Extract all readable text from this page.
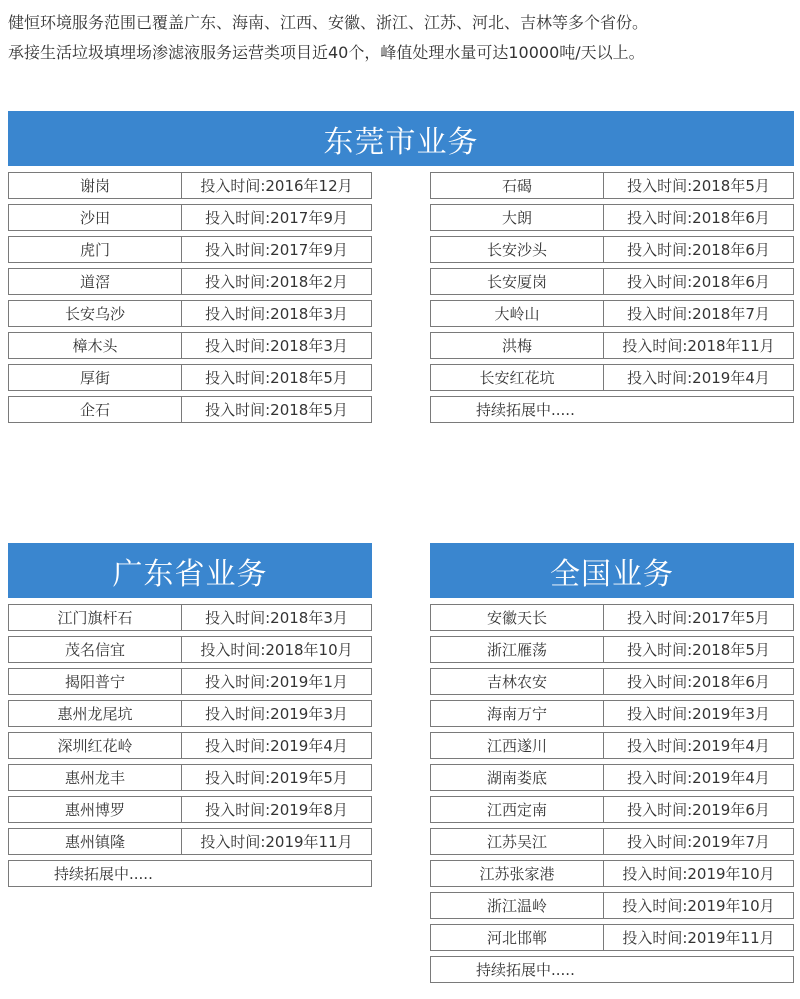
健恒环境服务范围已覆盖广东、海南、江西、安徽、浙江、江苏、河北、吉林等多个省份。

承接生活垃圾填埋场渗滤液服务运营类项目近40个，峰值处理水量可达10000吨/天以上。

东莞市业务
谢岗	投入时间:2016年12月
沙田	投入时间:2017年9月
虎门	投入时间:2017年9月
道滘	投入时间:2018年2月
长安乌沙	投入时间:2018年3月
樟木头	投入时间:2018年3月
厚街	投入时间:2018年5月
企石	投入时间:2018年5月
石碣	投入时间:2018年5月
大朗	投入时间:2018年6月
长安沙头	投入时间:2018年6月
长安厦岗	投入时间:2018年6月
大岭山	投入时间:2018年7月
洪梅	投入时间:2018年11月
长安红花坑	投入时间:2019年4月
持续拓展中.....
广东省业务
江门旗杆石	投入时间:2018年3月
茂名信宜	投入时间:2018年10月
揭阳普宁	投入时间:2019年1月
惠州龙尾坑	投入时间:2019年3月
深圳红花岭	投入时间:2019年4月
惠州龙丰	投入时间:2019年5月
惠州博罗	投入时间:2019年8月
惠州镇隆	投入时间:2019年11月
持续拓展中.....
全国业务
安徽天长	投入时间:2017年5月
浙江雁荡	投入时间:2018年5月
吉林农安	投入时间:2018年6月
海南万宁	投入时间:2019年3月
江西遂川	投入时间:2019年4月
湖南娄底	投入时间:2019年4月
江西定南	投入时间:2019年6月
江苏吴江	投入时间:2019年7月
江苏张家港	投入时间:2019年10月
浙江温岭	投入时间:2019年10月
河北邯郸	投入时间:2019年11月
持续拓展中.....
